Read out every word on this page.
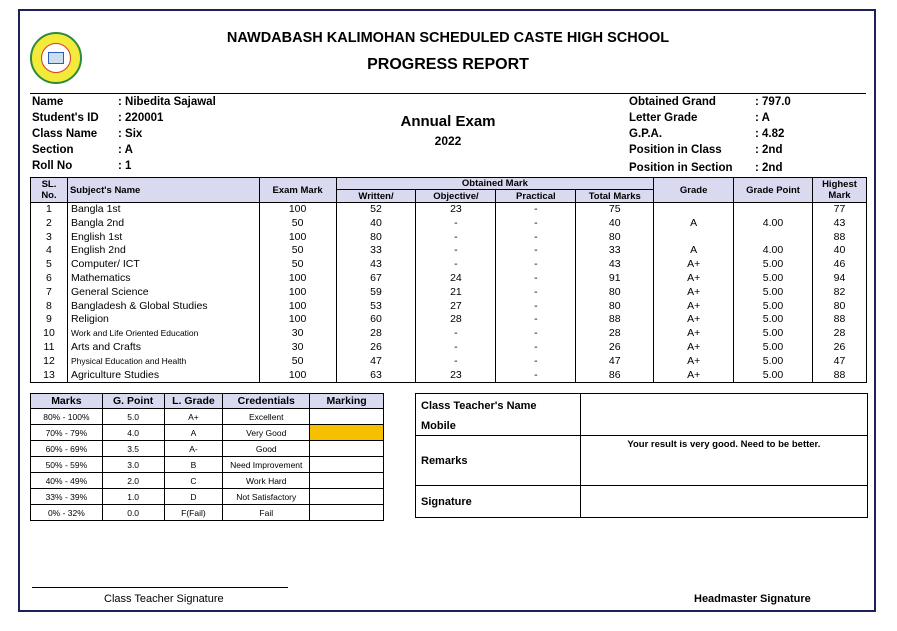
NAWDABASH KALIMOHAN SCHEDULED CASTE HIGH SCHOOL
PROGRESS REPORT
Name	: Nibedita Sajawal
Student's ID	: 220001
Class Name	: Six
Section	: A
Roll No	: 1
Annual Exam
2022
Obtained Grand	: 797.0
Letter Grade	: A
G.P.A.	: 4.82
Position in Class	: 2nd
Position in Section	: 2nd
SL. No.	Subject's Name	Exam Mark	Obtained Mark				Grade	Grade Point	Highest Mark
			Written/	Objective/	Practical	Total Marks			
1	Bangla 1st	100	52	23	-	75			77
2	Bangla 2nd	50	40	-	-	40	A	4.00	43
3	English 1st	100	80	-	-	80			88
4	English 2nd	50	33	-	-	33	A	4.00	40
5	Computer/ ICT	50	43	-	-	43	A+	5.00	46
6	Mathematics	100	67	24	-	91	A+	5.00	94
7	General Science	100	59	21	-	80	A+	5.00	82
8	Bangladesh & Global Studies	100	53	27	-	80	A+	5.00	80
9	Religion	100	60	28	-	88	A+	5.00	88
10	Work and Life Oriented Education	30	28	-	-	28	A+	5.00	28
11	Arts and Crafts	30	26	-	-	26	A+	5.00	26
12	Physical Education and Health	50	47	-	-	47	A+	5.00	47
13	Agriculture Studies	100	63	23	-	86	A+	5.00	88
Marks	G. Point	L. Grade	Credentials	Marking
80% - 100%	5.0	A+	Excellent	
70% - 79%	4.0	A	Very Good	
60% - 69%	3.5	A-	Good	
50% - 59%	3.0	B	Need Improvement	
40% - 49%	2.0	C	Work Hard	
33% - 39%	1.0	D	Not Satisfactory	
0% - 32%	0.0	F(Fail)	Fail	
Class Teacher's Name
Mobile	

Remarks	Your result is very good. Need to be better.
Signature	
Class Teacher Signature	Headmaster Signature
